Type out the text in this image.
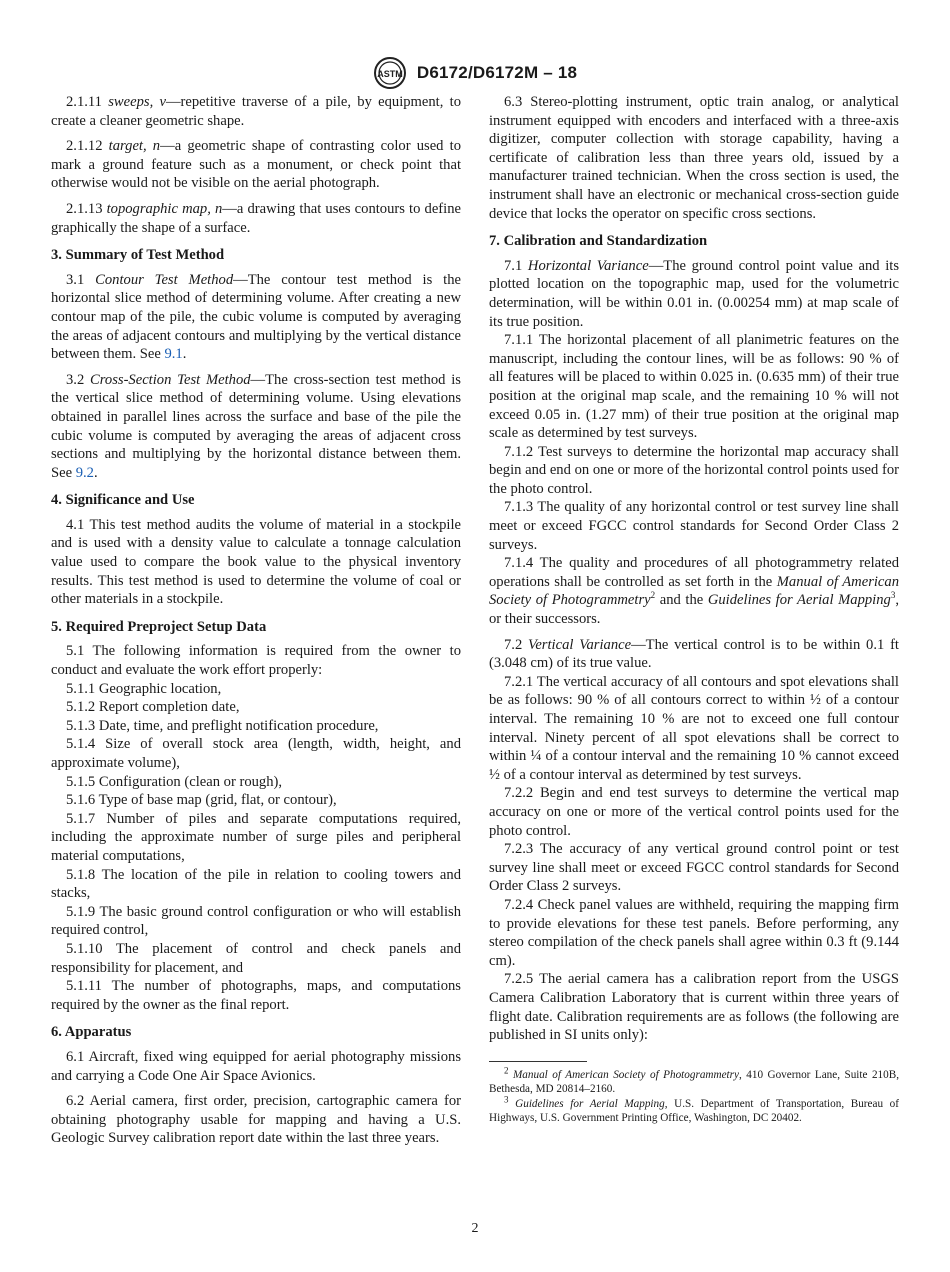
ASTM D6172/D6172M – 18

2.1.11 sweeps, v—repetitive traverse of a pile, by equipment, to create a cleaner geometric shape.

2.1.12 target, n—a geometric shape of contrasting color used to mark a ground feature such as a monument, or check point that otherwise would not be visible on the aerial photograph.

2.1.13 topographic map, n—a drawing that uses contours to define graphically the shape of a surface.

3. Summary of Test Method

3.1 Contour Test Method—The contour test method is the horizontal slice method of determining volume. After creating a new contour map of the pile, the cubic volume is computed by averaging the areas of adjacent contours and multiplying by the vertical distance between them. See 9.1.

3.2 Cross-Section Test Method—The cross-section test method is the vertical slice method of determining volume. Using elevations obtained in parallel lines across the surface and base of the pile the cubic volume is computed by averaging the areas of adjacent cross sections and multiplying by the horizontal distance between them. See 9.2.

4. Significance and Use

4.1 This test method audits the volume of material in a stockpile and is used with a density value to calculate a tonnage calculation value used to compare the book value to the physical inventory results. This test method is used to determine the volume of coal or other materials in a stockpile.

5. Required Preproject Setup Data

5.1 The following information is required from the owner to conduct and evaluate the work effort properly:

5.1.1 Geographic location,

5.1.2 Report completion date,

5.1.3 Date, time, and preflight notification procedure,

5.1.4 Size of overall stock area (length, width, height, and approximate volume),

5.1.5 Configuration (clean or rough),

5.1.6 Type of base map (grid, flat, or contour),

5.1.7 Number of piles and separate computations required, including the approximate number of surge piles and peripheral material computations,

5.1.8 The location of the pile in relation to cooling towers and stacks,

5.1.9 The basic ground control configuration or who will establish required control,

5.1.10 The placement of control and check panels and responsibility for placement, and

5.1.11 The number of photographs, maps, and computations required by the owner as the final report.

6. Apparatus

6.1 Aircraft, fixed wing equipped for aerial photography missions and carrying a Code One Air Space Avionics.

6.2 Aerial camera, first order, precision, cartographic camera for obtaining photography usable for mapping and having a U.S. Geologic Survey calibration report date within the last three years.

6.3 Stereo-plotting instrument, optic train analog, or analytical instrument equipped with encoders and interfaced with a three-axis digitizer, computer collection with storage capability, having a certificate of calibration less than three years old, issued by a manufacturer trained technician. When the cross section is used, the instrument shall have an electronic or mechanical cross-section guide device that locks the operator on specific cross sections.

7. Calibration and Standardization

7.1 Horizontal Variance—The ground control point value and its plotted location on the topographic map, used for the volumetric determination, will be within 0.01 in. (0.00254 mm) at map scale of its true position.

7.1.1 The horizontal placement of all planimetric features on the manuscript, including the contour lines, will be as follows: 90 % of all features will be placed to within 0.025 in. (0.635 mm) of their true position at the original map scale, and the remaining 10 % will not exceed 0.05 in. (1.27 mm) of their true position at the original map scale as determined by test surveys.

7.1.2 Test surveys to determine the horizontal map accuracy shall begin and end on one or more of the horizontal control points used for the photo control.

7.1.3 The quality of any horizontal control or test survey line shall meet or exceed FGCC control standards for Second Order Class 2 surveys.

7.1.4 The quality and procedures of all photogrammetry related operations shall be controlled as set forth in the Manual of American Society of Photogrammetry$^2$ and the Guidelines for Aerial Mapping$^3$, or their successors.

7.2 Vertical Variance—The vertical control is to be within 0.1 ft (3.048 cm) of its true value.

7.2.1 The vertical accuracy of all contours and spot elevations shall be as follows: 90 % of all contours correct to within ½ of a contour interval. The remaining 10 % are not to exceed one full contour interval. Ninety percent of all spot elevations shall be correct to within ¼ of a contour interval and the remaining 10 % cannot exceed ½ of a contour interval as determined by test surveys.

7.2.2 Begin and end test surveys to determine the vertical map accuracy on one or more of the vertical control points used for the photo control.

7.2.3 The accuracy of any vertical ground control point or test survey line shall meet or exceed FGCC control standards for Second Order Class 2 surveys.

7.2.4 Check panel values are withheld, requiring the mapping firm to provide elevations for these test panels. Before performing, any stereo compilation of the check panels shall agree within 0.3 ft (9.144 cm).

7.2.5 The aerial camera has a calibration report from the USGS Camera Calibration Laboratory that is current within three years of flight date. Calibration requirements are as follows (the following are published in SI units only):

$^2$ Manual of American Society of Photogrammetry, 410 Governor Lane, Suite 210B, Bethesda, MD 20814–2160.

$^3$ Guidelines for Aerial Mapping, U.S. Department of Transportation, Bureau of Highways, U.S. Government Printing Office, Washington, DC 20402.

2
